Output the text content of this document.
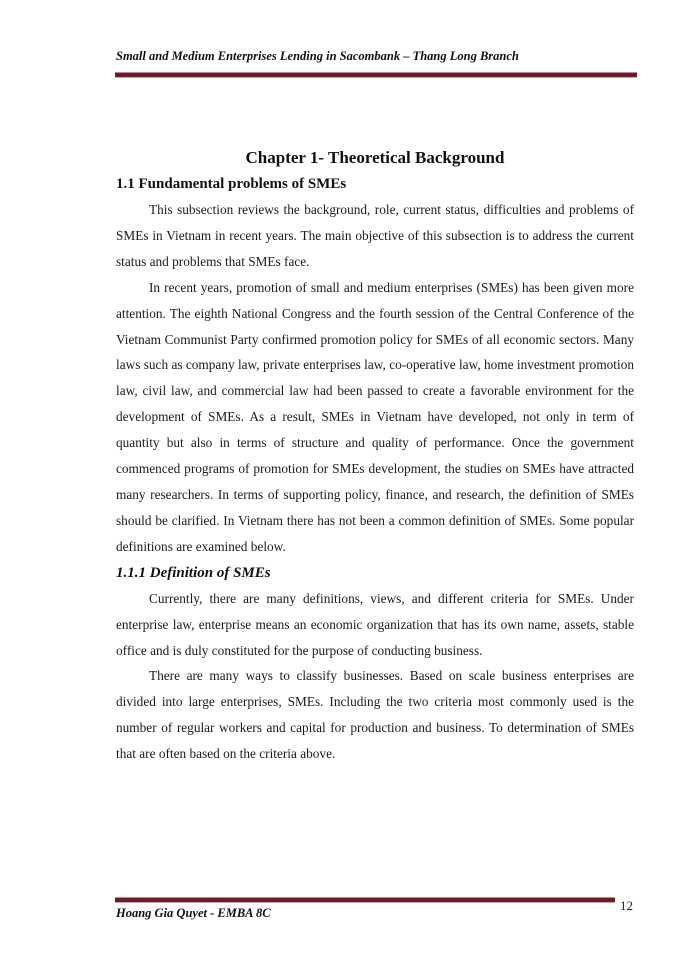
Small and Medium Enterprises Lending in Sacombank – Thang Long Branch
Chapter 1- Theoretical Background
1.1 Fundamental problems of SMEs

This subsection reviews the background, role, current status, difficulties and problems of SMEs in Vietnam in recent years. The main objective of this subsection is to address the current status and problems that SMEs face.

In recent years, promotion of small and medium enterprises (SMEs) has been given more attention. The eighth National Congress and the fourth session of the Central Conference of the Vietnam Communist Party confirmed promotion policy for SMEs of all economic sectors. Many laws such as company law, private enterprises law, co-operative law, home investment promotion law, civil law, and commercial law had been passed to create a favorable environment for the development of SMEs. As a result, SMEs in Vietnam have developed, not only in term of quantity but also in terms of structure and quality of performance. Once the government commenced programs of promotion for SMEs development, the studies on SMEs have attracted many researchers. In terms of supporting policy, finance, and research, the definition of SMEs should be clarified. In Vietnam there has not been a common definition of SMEs. Some popular definitions are examined below.

1.1.1 Definition of SMEs

Currently, there are many definitions, views, and different criteria for SMEs. Under enterprise law, enterprise means an economic organization that has its own name, assets, stable office and is duly constituted for the purpose of conducting business.

There are many ways to classify businesses. Based on scale business enterprises are divided into large enterprises, SMEs. Including the two criteria most commonly used is the number of regular workers and capital for production and business. To determination of SMEs that are often based on the criteria above.

Hoang Gia Quyet - EMBA 8C	12
